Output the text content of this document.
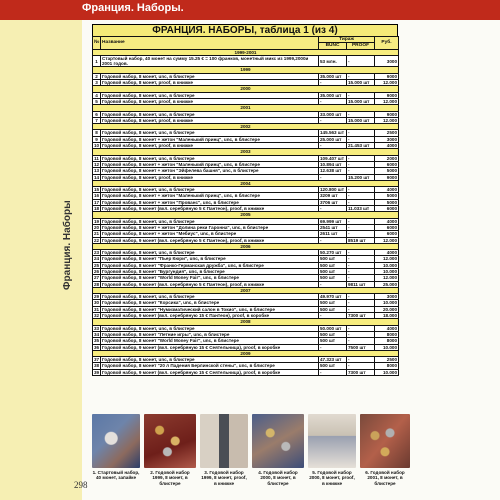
Франция. Наборы.
Франция. Наборы
298
ФРАНЦИЯ. НАБОРЫ, таблица 1 (из 4)
№	Название	Тираж		Руб.
		BUNC	PROOF	
1999-2001				
1	Стартовый набор, 40 монет на сумму 15.25 € = 100 франков, монетный микс из 1999,2000и 2001 годов.	53 млн.	-	3000
1999				
2	Годовой набор, 8 монет, unc, в блистере	35.000 шт	-	9000
3	Годовой набор, 8 монет, proof, в книжке	-	15.000 шт	12.000
2000				
4	Годовой набор, 8 монет, unc, в блистере	35.000 шт	-	9000
5	Годовой набор, 8 монет, proof, в книжке	-	15.000 шт	12.000
2001				
6	Годовой набор, 8 монет, unc, в блистере	33.000 шт	-	9000
7	Годовой набор, 8 монет, proof, в книжке	-	15.000 шт	12.000
2002				
8	Годовой набор, 8 монет, unc, в блистере	145.563 шт	-	2500
9	Годовой набор, 8 монет + жетон "Маленький принц", unc, в блистере	25.000 шт	-	3000
10	Годовой набор, 8 монет, proof, в книжке	-	21.453 шт	4000
2003				
11	Годовой набор, 8 монет, unc, в блистере	109.407 шт	-	2000
12	Годовой набор, 8 монет + жетон "Маленький принц", unc, в блистере	10.894 шт	-	6000
13	Годовой набор, 8 монет + жетон "Эйфелева башня", unc, в блистере	12.638 шт	-	5000
14	Годовой набор, 8 монет, proof, в книжке	-	15.200 шт	9000
2004				
15	Годовой набор, 8 монет, unc, в блистере	120.800 шт	-	4000
16	Годовой набор, 8 монет + жетон "Маленький принц", unc, в блистере	3209 шт	-	5000
17	Годовой набор, 8 монет + жетон "Прованс", unc, в блистере	3706 шт	-	5000
18	Годовой набор, 9 монет (вкл. серебряную 5 € Пантеон), proof, в книжке	-	11.033 шт	6000
2005				
19	Годовой набор, 8 монет, unc, в блистере	69.999 шт	-	4000
20	Годовой набор, 8 монет + жетон "Долина реки Гаронна", unc, в блистере	2541 шт	-	6000
21	Годовой набор, 8 монет + жетон "Мебиус", unc, в блистере	2611 шт	-	6000
22	Годовой набор, 9 монет (вкл. серебряную 5 € Пантеон), proof, в книжке	-	8519 шт	12.000
2006				
23	Годовой набор, 8 монет, unc, в блистере	50.270 шт	-	4000
24	Годовой набор, 8 монет "Пьер Кюри", unc, в блистере	500 шт	-	12.000
25	Годовой набор, 8 монет "Франко-Германская дружба", unc, в блистере	500 шт	-	10.000
26	Годовой набор, 8 монет "Бургундия", unc, в блистере	500 шт	-	10.000
27	Годовой набор, 8 монет "World Money Fair", unc, в блистере	500 шт	-	12.000
28	Годовой набор, 9 монет (вкл. серебряную 5 € Пантеон), proof, в книжке	-	9811 шт	25.000
2007				
29	Годовой набор, 8 монет, unc, в блистере	49.970 шт	-	3000
30	Годовой набор, 8 монет "Корсика", unc, в блистере	500 шт	-	10.000
31	Годовой набор, 8 монет "Нумизматический салон в Токио", unc, в блистере	500 шт	-	20.000
32	Годовой набор, 9 монет (вкл. серебряную 15 € Пантеон), proof, в коробке	-	7300 шт	18.000
2008				
33	Годовой набор, 8 монет, unc, в блистере	50.000 шт	-	4000
34	Годовой набор, 8 монет "Летние игры", unc, в блистере	500 шт	-	8000
35	Годовой набор, 8 монет "World Money Fair", unc, в блистере	500 шт	-	8000
36	Годовой набор, 9 монет (вкл. серебряную 15 € Сеятельница), proof, в коробке	-	7500 шт	10.000
2009				
37	Годовой набор, 8 монет, unc, в блистере	47.323 шт	-	2500
38	Годовой набор, 8 монет "20 л Падения Берлинской стены", unc, в блистере	500 шт	-	8000
39	Годовой набор, 9 монет (вкл. серебряную 15 € Сеятельница), proof, в коробке	-	7300 шт	10.000
1. Стартовый набор, 40 монет, запайке
2. Годовой набор 1999, 8 монет, в блистере
3. Годовой набор 1999, 8 монет, proof, в книжке
4. Годовой набор 2000, 8 монет, в блистере
5. Годовой набор 2000, 8 монет, proof, в книжке
6. Годовой набор 2001, 8 монет, в блистере
